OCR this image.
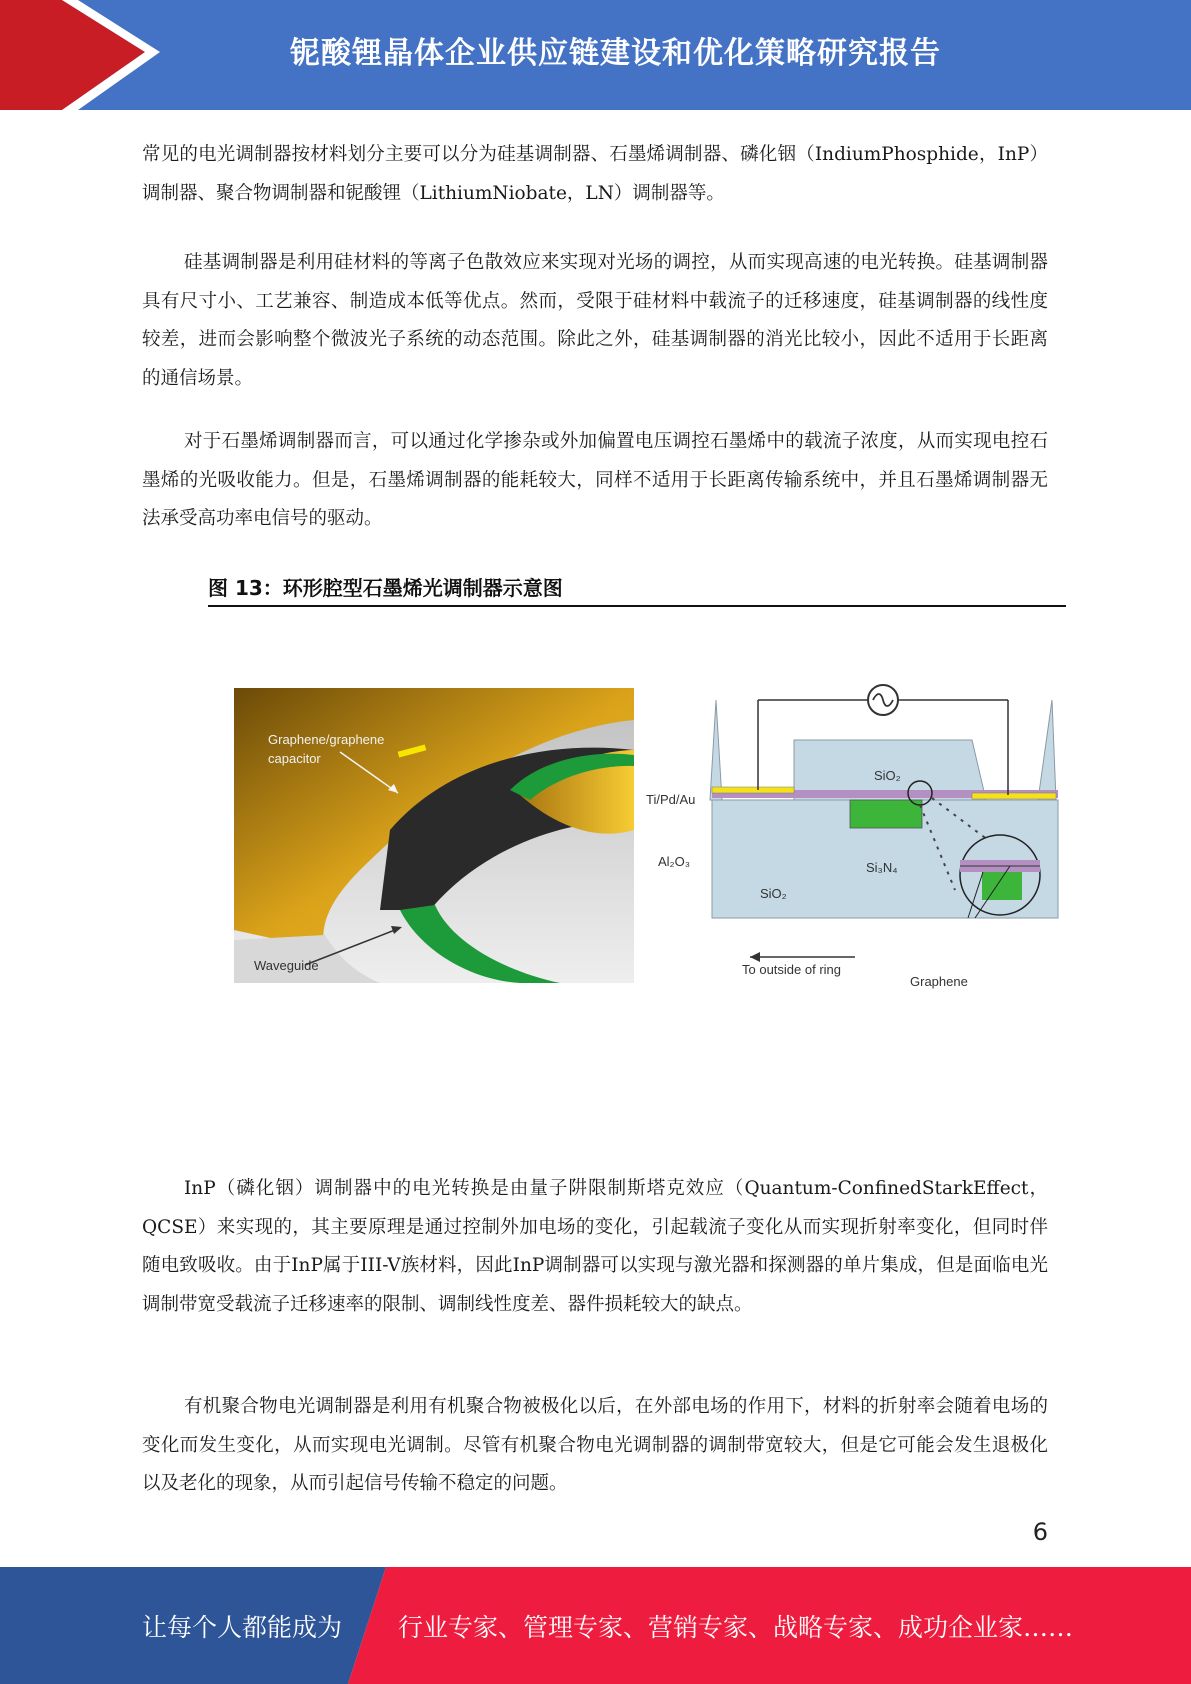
铌酸锂晶体企业供应链建设和优化策略研究报告

常见的电光调制器按材料划分主要可以分为硅基调制器、石墨烯调制器、磷化铟（IndiumPhosphide，InP）调制器、聚合物调制器和铌酸锂（LithiumNiobate，LN）调制器等。

硅基调制器是利用硅材料的等离子色散效应来实现对光场的调控，从而实现高速的电光转换。硅基调制器具有尺寸小、工艺兼容、制造成本低等优点。然而，受限于硅材料中载流子的迁移速度，硅基调制器的线性度较差，进而会影响整个微波光子系统的动态范围。除此之外，硅基调制器的消光比较小，因此不适用于长距离的通信场景。

对于石墨烯调制器而言，可以通过化学掺杂或外加偏置电压调控石墨烯中的载流子浓度，从而实现电控石墨烯的光吸收能力。但是，石墨烯调制器的能耗较大，同样不适用于长距离传输系统中，并且石墨烯调制器无法承受高功率电信号的驱动。

图 13：环形腔型石墨烯光调制器示意图
Graphene/graphene
capacitor
Waveguide
SiO₂
Ti/Pd/Au
Al₂O₃	Si₃N₄
SiO₂
To outside of ring
Graphene

InP（磷化铟）调制器中的电光转换是由量子阱限制斯塔克效应（Quantum-ConfinedStarkEffect，QCSE）来实现的，其主要原理是通过控制外加电场的变化，引起载流子变化从而实现折射率变化，但同时伴随电致吸收。由于InP属于III-V族材料，因此InP调制器可以实现与激光器和探测器的单片集成，但是面临电光调制带宽受载流子迁移速率的限制、调制线性度差、器件损耗较大的缺点。

有机聚合物电光调制器是利用有机聚合物被极化以后，在外部电场的作用下，材料的折射率会随着电场的变化而发生变化，从而实现电光调制。尽管有机聚合物电光调制器的调制带宽较大，但是它可能会发生退极化以及老化的现象，从而引起信号传输不稳定的问题。

6
让每个人都能成为 行业专家、管理专家、营销专家、战略专家、成功企业家……
